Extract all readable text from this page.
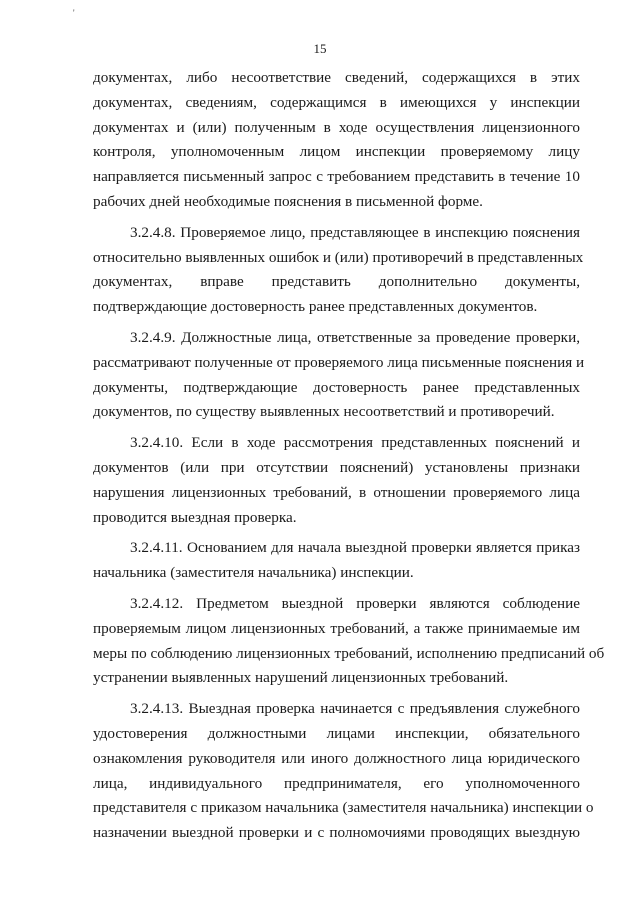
'
15

документах, либо несоответствие сведений, содержащихся в этих
документах, сведениям, содержащимся в имеющихся у инспекции
документах и (или) полученным в ходе осуществления лицензионного
контроля, уполномоченным лицом инспекции проверяемому лицу
направляется письменный запрос с требованием представить в течение 10
рабочих дней необходимые пояснения в письменной форме.

3.2.4.8. Проверяемое лицо, представляющее в инспекцию пояснения
относительно выявленных ошибок и (или) противоречий в представленных
документах, вправе представить дополнительно документы,
подтверждающие достоверность ранее представленных документов.

3.2.4.9. Должностные лица, ответственные за проведение проверки,
рассматривают полученные от проверяемого лица письменные пояснения и
документы, подтверждающие достоверность ранее представленных
документов, по существу выявленных несоответствий и противоречий.

3.2.4.10. Если в ходе рассмотрения представленных пояснений и
документов (или при отсутствии пояснений) установлены признаки
нарушения лицензионных требований, в отношении проверяемого лица
проводится выездная проверка.

3.2.4.11. Основанием для начала выездной проверки является приказ
начальника (заместителя начальника) инспекции.

3.2.4.12. Предметом выездной проверки являются соблюдение
проверяемым лицом лицензионных требований, а также принимаемые им
меры по соблюдению лицензионных требований, исполнению предписаний об
устранении выявленных нарушений лицензионных требований.

3.2.4.13. Выездная проверка начинается с предъявления служебного
удостоверения должностными лицами инспекции, обязательного
ознакомления руководителя или иного должностного лица юридического
лица, индивидуального предпринимателя, его уполномоченного
представителя с приказом начальника (заместителя начальника) инспекции о
назначении выездной проверки и с полномочиями проводящих выездную
